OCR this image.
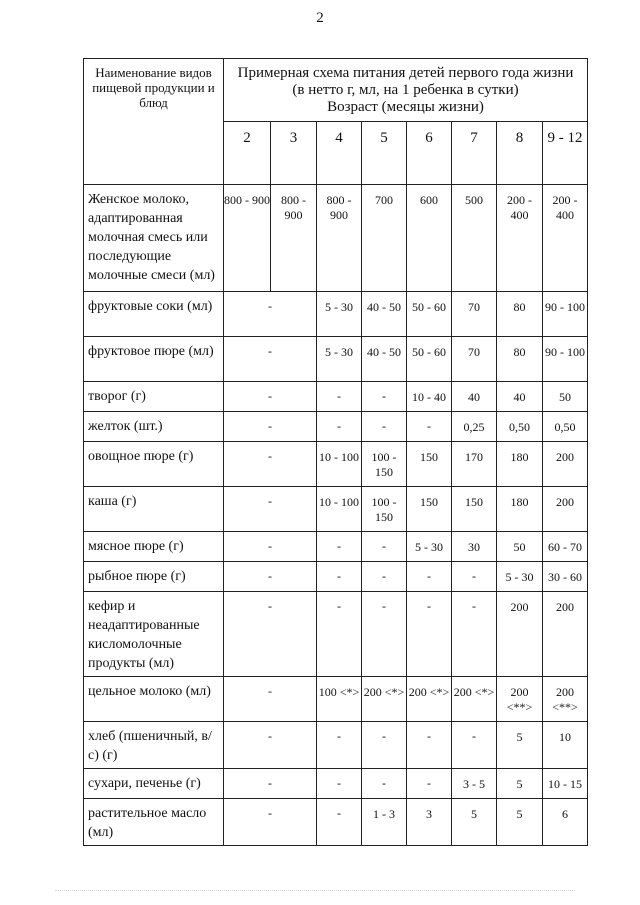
2
Наименование видов пищевой продукции и блюд	Примерная схема питания детей первого года жизни
(в нетто г, мл, на 1 ребенка в сутки)
Возраст (месяцы жизни)							

	2	3	4	5	6	7	8	9 - 12
Женское молоко, адаптированная молочная смесь или последующие молочные смеси (мл)	800 - 900	800 - 900	800 - 900	700	600	500	200 - 400	200 - 400
фруктовые соки (мл)	-		5 - 30	40 - 50	50 - 60	70	80	90 - 100
фруктовое пюре (мл)	-		5 - 30	40 - 50	50 - 60	70	80	90 - 100
творог (г)	-		-	-	10 - 40	40	40	50
желток (шт.)	-		-	-	-	0,25	0,50	0,50
овощное пюре (г)	-		10 - 100	100 - 150	150	170	180	200
каша (г)	-		10 - 100	100 - 150	150	150	180	200
мясное пюре (г)	-		-	-	5 - 30	30	50	60 - 70
рыбное пюре (г)	-		-	-	-	-	5 - 30	30 - 60
кефир и неадаптированные кисломолочные продукты (мл)	-		-	-	-	-	200	200
цельное молоко (мл)	-		100 <*>	200 <*>	200 <*>	200 <*>	200 <**>	200 <**>
хлеб (пшеничный, в/с) (г)	-		-	-	-	-	5	10
сухари, печенье (г)	-		-	-	-	3 - 5	5	10 - 15
растительное масло (мл)	-		-	1 - 3	3	5	5	6
